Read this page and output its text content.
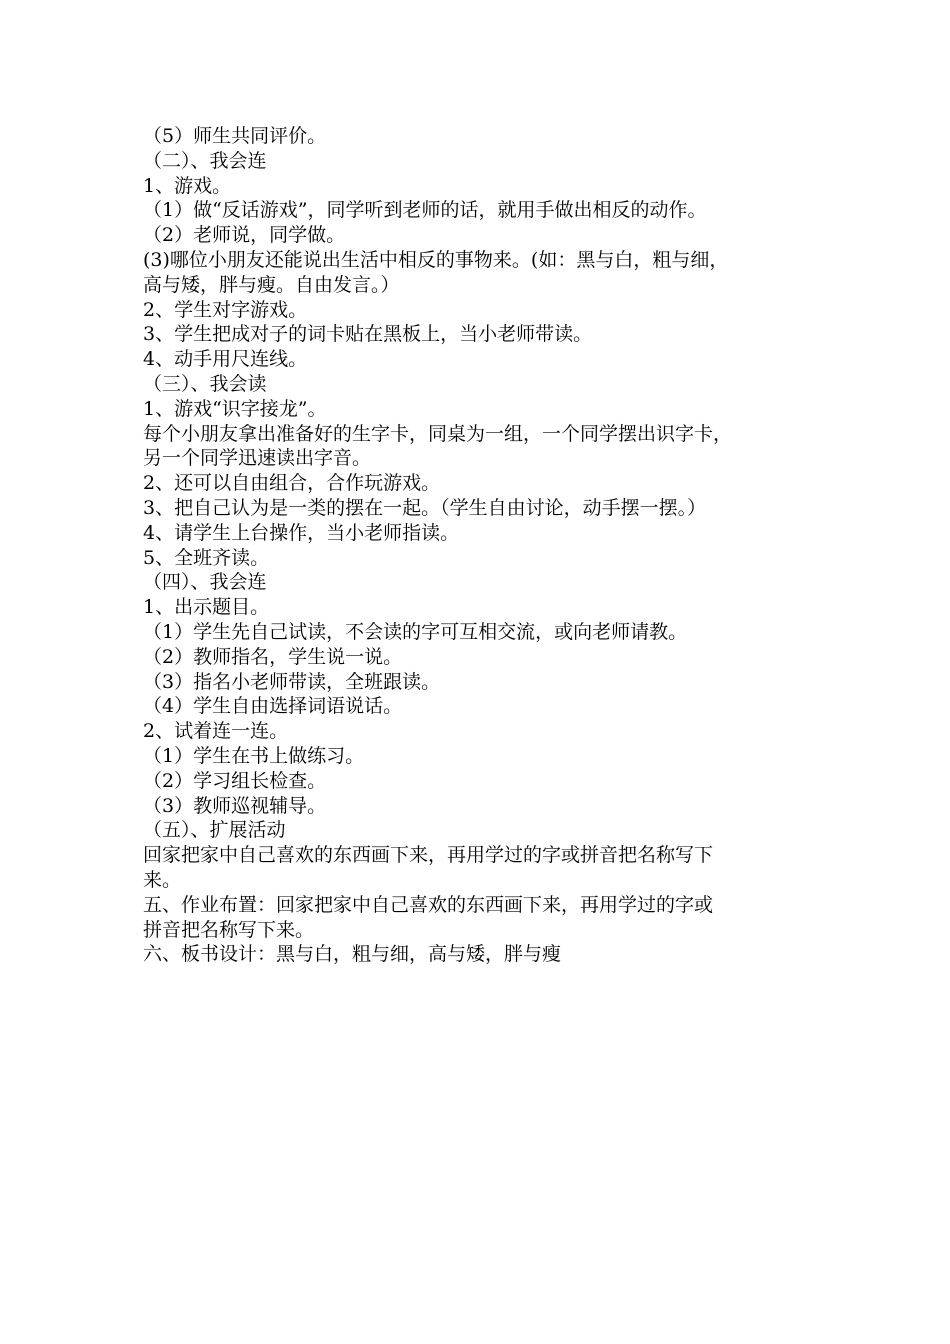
（5）师生共同评价。

（二）、我会连

1、游戏。

（1）做“反话游戏”，同学听到老师的话，就用手做出相反的动作。

（2）老师说，同学做。

(3)哪位小朋友还能说出生活中相反的事物来。(如：黑与白，粗与细，

高与矮，胖与瘦。自由发言。）

2、学生对字游戏。

3、学生把成对子的词卡贴在黑板上，当小老师带读。

4、动手用尺连线。

（三）、我会读

1、游戏“识字接龙”。

每个小朋友拿出准备好的生字卡，同桌为一组，一个同学摆出识字卡，

另一个同学迅速读出字音。

2、还可以自由组合，合作玩游戏。

3、把自己认为是一类的摆在一起。（学生自由讨论，动手摆一摆。）

4、请学生上台操作，当小老师指读。

5、全班齐读。

（四）、我会连

1、出示题目。

（1）学生先自己试读，不会读的字可互相交流，或向老师请教。

（2）教师指名，学生说一说。

（3）指名小老师带读，全班跟读。

（4）学生自由选择词语说话。

2、试着连一连。

（1）学生在书上做练习。

（2）学习组长检查。

（3）教师巡视辅导。

（五）、扩展活动

回家把家中自己喜欢的东西画下来，再用学过的字或拼音把名称写下

来。

五、作业布置：回家把家中自己喜欢的东西画下来，再用学过的字或

拼音把名称写下来。

六、板书设计：黑与白，粗与细，高与矮，胖与瘦
